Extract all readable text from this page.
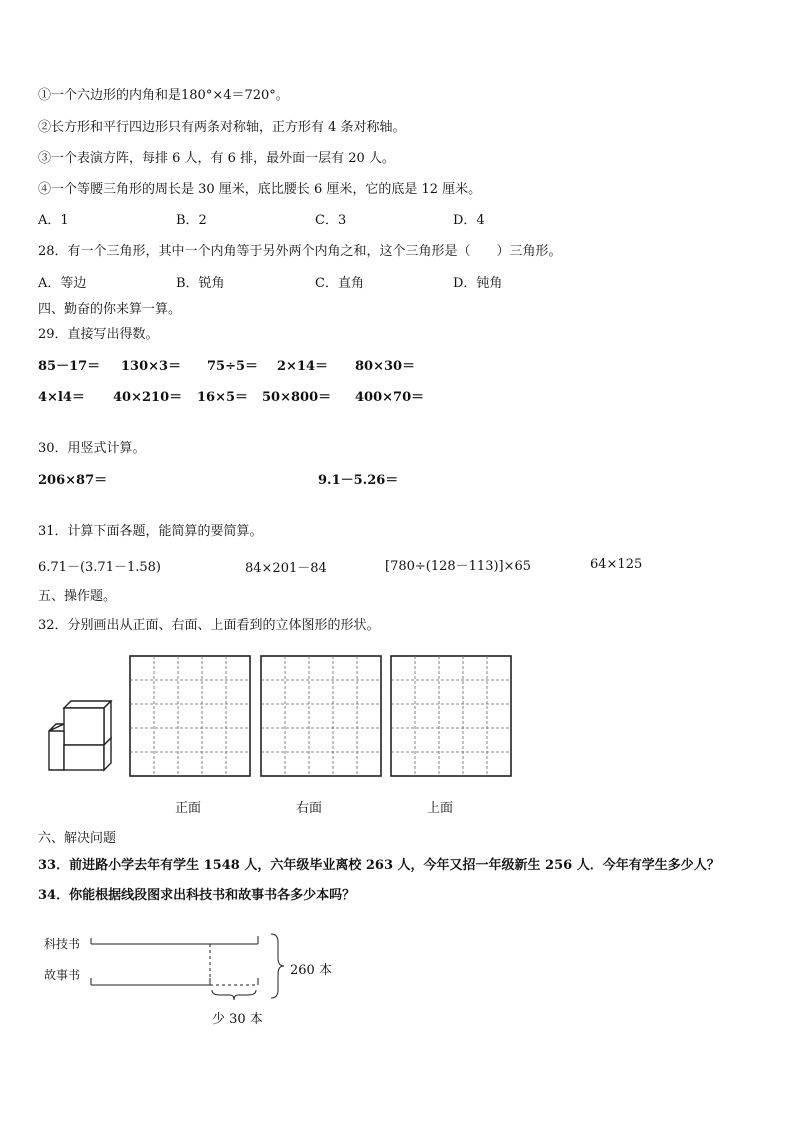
①一个六边形的内角和是180°×4＝720°。
②长方形和平行四边形只有两条对称轴，正方形有 4 条对称轴。
③一个表演方阵，每排 6 人，有 6 排，最外面一层有 20 人。
④一个等腰三角形的周长是 30 厘米，底比腰长 6 厘米，它的底是 12 厘米。
A．1	B．2	C．3	D．4
28．有一个三角形，其中一个内角等于另外两个内角之和，这个三角形是（　　）三角形。
A．等边	B．锐角	C．直角	D．钝角
四、勤奋的你来算一算。
29．直接写出得数。
85－17＝ 130×3＝ 75÷5＝ 2×14＝ 80×30＝
4×l4＝ 40×210＝ 16×5＝ 50×800＝ 400×70＝
30．用竖式计算。
206×87＝	9.1－5.26＝
31．计算下面各题，能简算的要简算。
6.71－(3.71－1.58)	84×201－84	[780÷(128－113)]×65	64×125
五、操作题。
32．分别画出从正面、右面、上面看到的立体图形的形状。
正面	右面	上面
六、解决问题
33．前进路小学去年有学生 1548 人，六年级毕业离校 263 人，今年又招一年级新生 256 人．今年有学生多少人？
34．你能根据线段图求出科技书和故事书各多少本吗？
科技书
故事书	260 本
少 30 本
